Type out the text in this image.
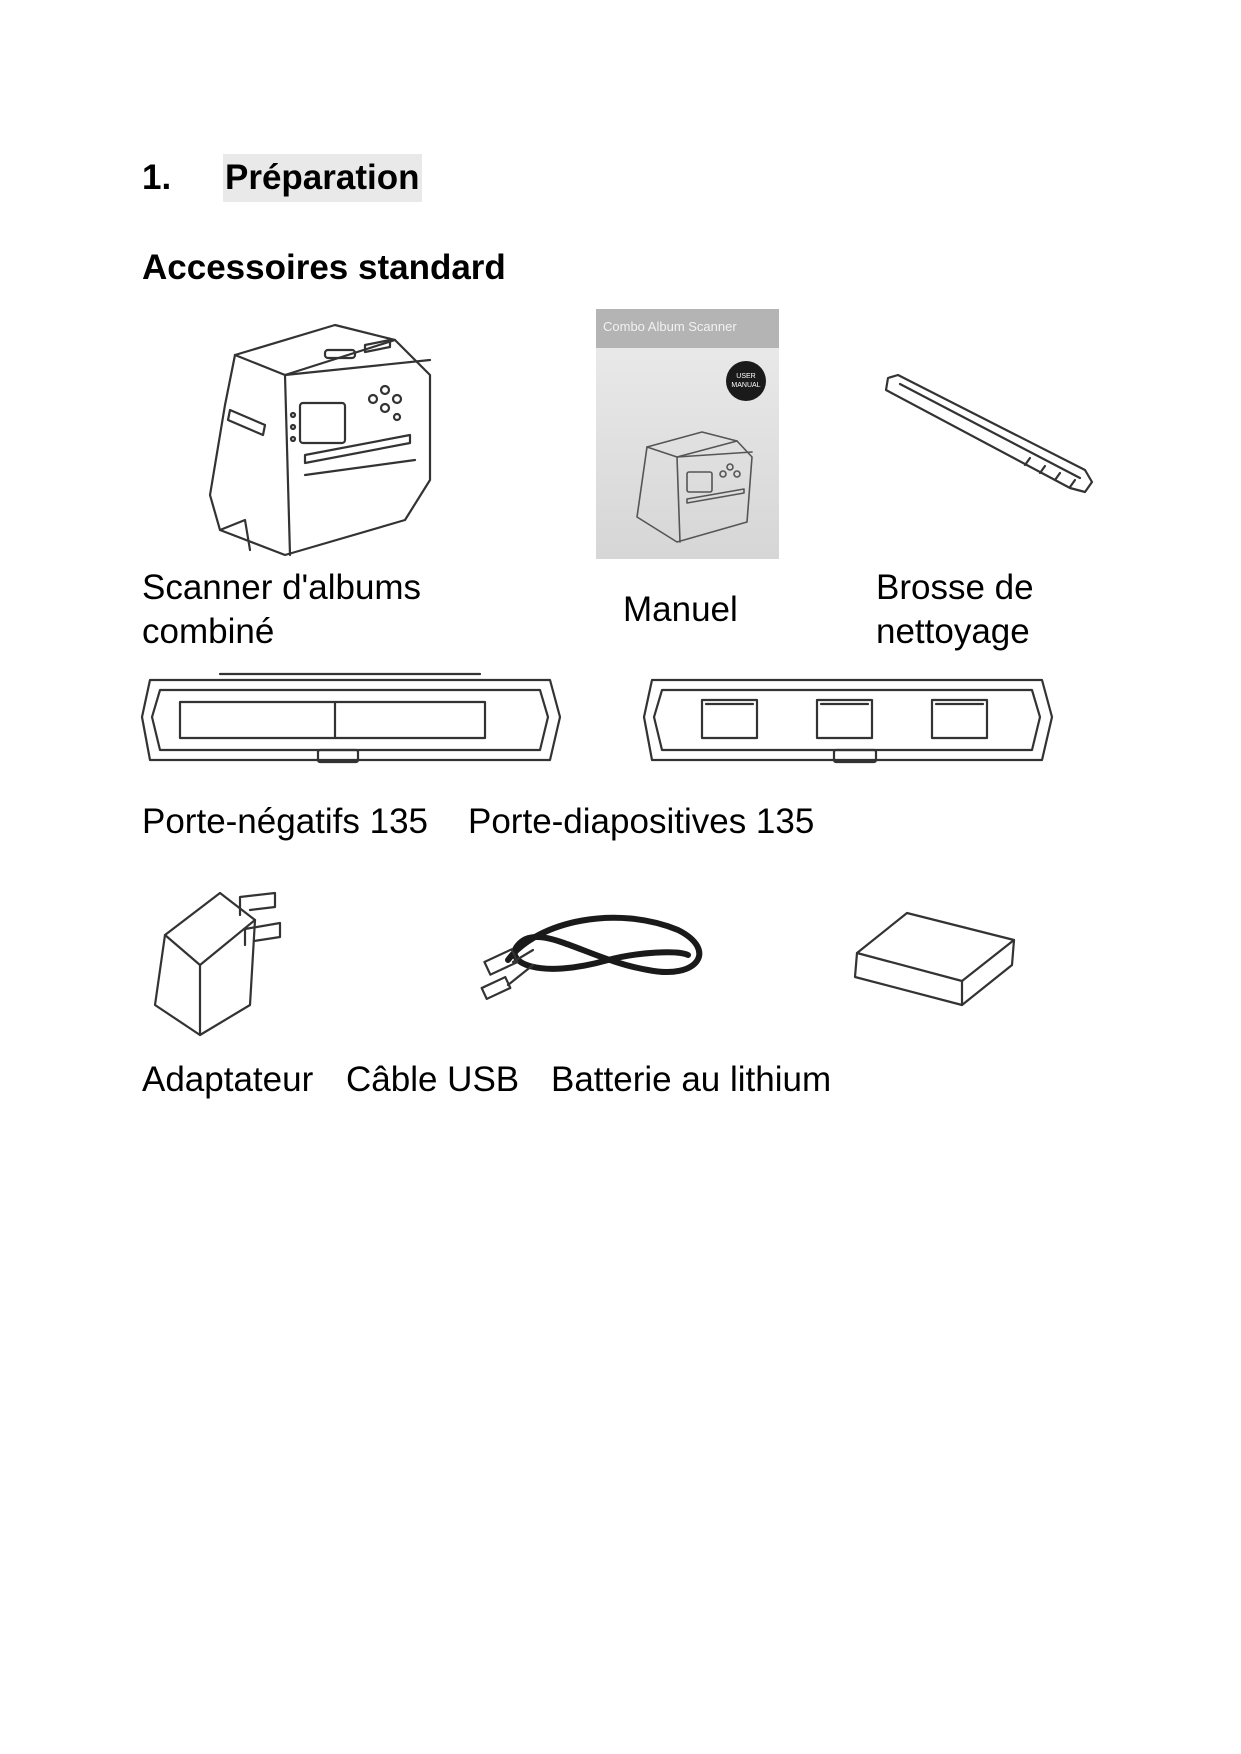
1. Préparation
Accessoires standard
Combo Album Scanner
USER
MANUAL
Scanner d'albums
combiné
Manuel
Brosse de
nettoyage
Porte-négatifs 135 Porte-diapositives 135
Adaptateur Câble USB Batterie au lithium
